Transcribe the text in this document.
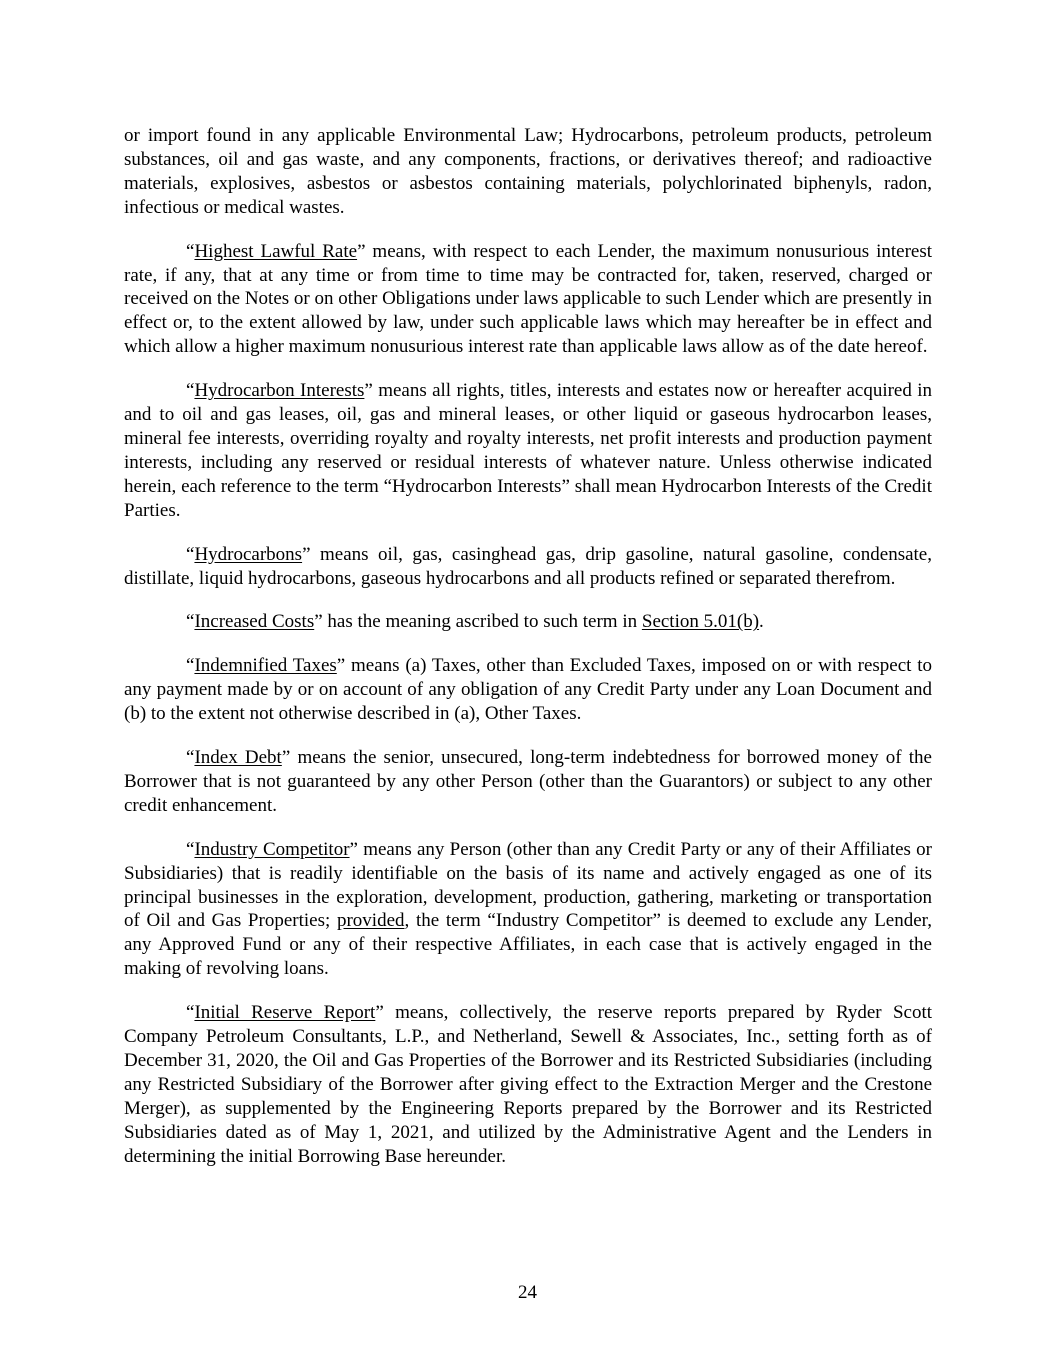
or import found in any applicable Environmental Law; Hydrocarbons, petroleum products, petroleum substances, oil and gas waste, and any components, fractions, or derivatives thereof; and radioactive materials, explosives, asbestos or asbestos containing materials, polychlorinated biphenyls, radon, infectious or medical wastes.

“Highest Lawful Rate” means, with respect to each Lender, the maximum nonusurious interest rate, if any, that at any time or from time to time may be contracted for, taken, reserved, charged or received on the Notes or on other Obligations under laws applicable to such Lender which are presently in effect or, to the extent allowed by law, under such applicable laws which may hereafter be in effect and which allow a higher maximum nonusurious interest rate than applicable laws allow as of the date hereof.

“Hydrocarbon Interests” means all rights, titles, interests and estates now or hereafter acquired in and to oil and gas leases, oil, gas and mineral leases, or other liquid or gaseous hydrocarbon leases, mineral fee interests, overriding royalty and royalty interests, net profit interests and production payment interests, including any reserved or residual interests of whatever nature. Unless otherwise indicated herein, each reference to the term “Hydrocarbon Interests” shall mean Hydrocarbon Interests of the Credit Parties.

“Hydrocarbons” means oil, gas, casinghead gas, drip gasoline, natural gasoline, condensate, distillate, liquid hydrocarbons, gaseous hydrocarbons and all products refined or separated therefrom.

“Increased Costs” has the meaning ascribed to such term in Section 5.01(b).

“Indemnified Taxes” means (a) Taxes, other than Excluded Taxes, imposed on or with respect to any payment made by or on account of any obligation of any Credit Party under any Loan Document and (b) to the extent not otherwise described in (a), Other Taxes.

“Index Debt” means the senior, unsecured, long-term indebtedness for borrowed money of the Borrower that is not guaranteed by any other Person (other than the Guarantors) or subject to any other credit enhancement.

“Industry Competitor” means any Person (other than any Credit Party or any of their Affiliates or Subsidiaries) that is readily identifiable on the basis of its name and actively engaged as one of its principal businesses in the exploration, development, production, gathering, marketing or transportation of Oil and Gas Properties; provided, the term “Industry Competitor” is deemed to exclude any Lender, any Approved Fund or any of their respective Affiliates, in each case that is actively engaged in the making of revolving loans.

“Initial Reserve Report” means, collectively, the reserve reports prepared by Ryder Scott Company Petroleum Consultants, L.P., and Netherland, Sewell & Associates, Inc., setting forth as of December 31, 2020, the Oil and Gas Properties of the Borrower and its Restricted Subsidiaries (including any Restricted Subsidiary of the Borrower after giving effect to the Extraction Merger and the Crestone Merger), as supplemented by the Engineering Reports prepared by the Borrower and its Restricted Subsidiaries dated as of May 1, 2021, and utilized by the Administrative Agent and the Lenders in determining the initial Borrowing Base hereunder.

24
